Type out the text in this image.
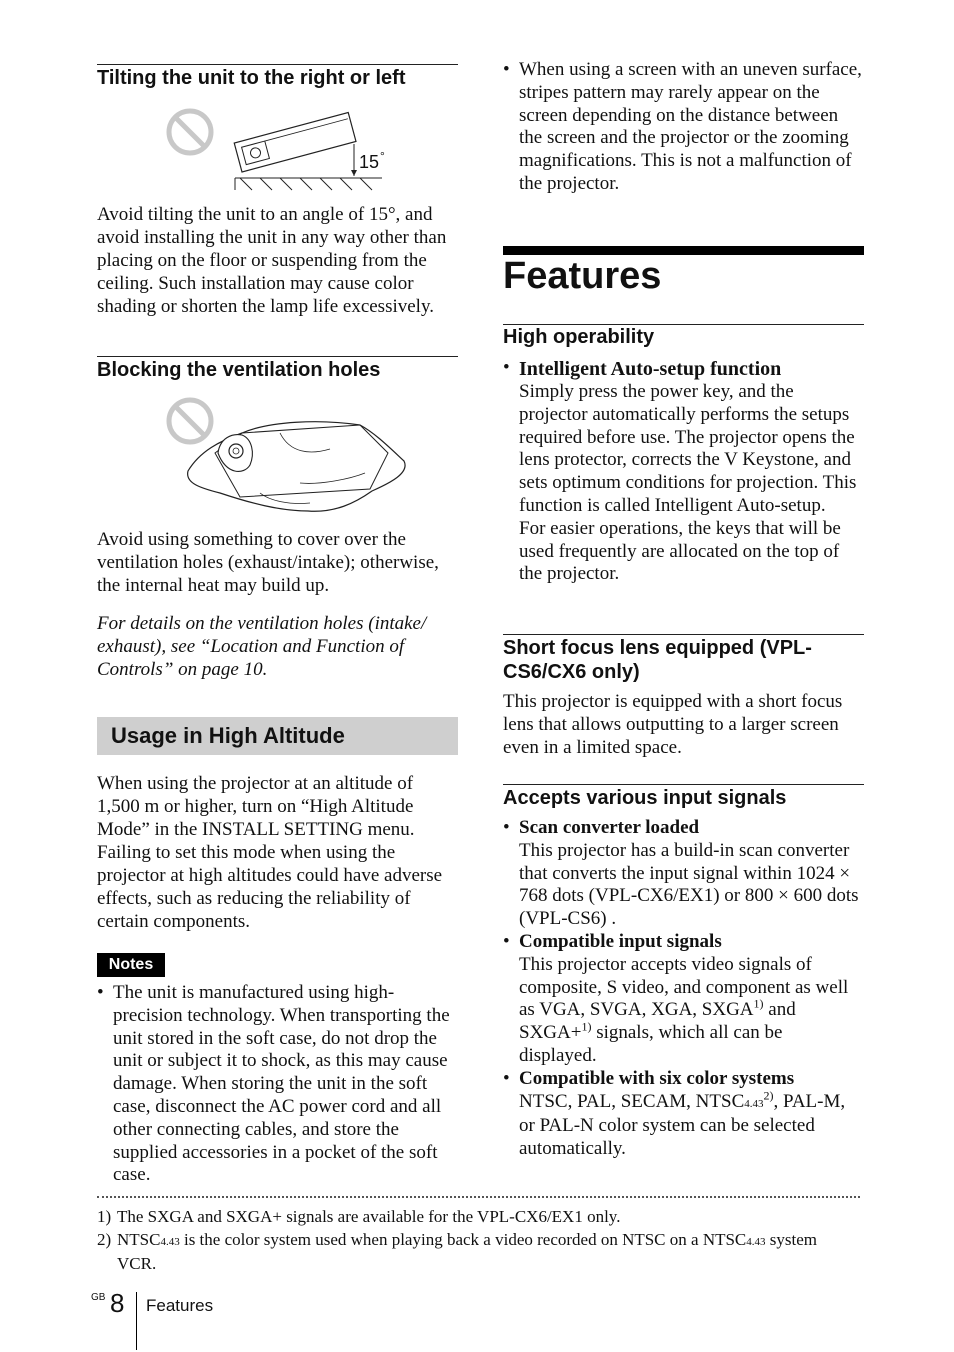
Tilting the unit to the right or left
15 °
Avoid tilting the unit to an angle of 15°, and avoid installing the unit in any way other than placing on the floor or suspending from the ceiling. Such installation may cause color shading or shorten the lamp life excessively.
Blocking the ventilation holes
Avoid using something to cover over the ventilation holes (exhaust/intake); otherwise, the internal heat may build up.
For details on the ventilation holes (intake/ exhaust), see “Location and Function of Controls” on page 10.
Usage in High Altitude
When using the projector at an altitude of 1,500 m or higher, turn on “High Altitude Mode” in the INSTALL SETTING menu. Failing to set this mode when using the projector at high altitudes could have adverse effects, such as reducing the reliability of certain components.
Notes
• The unit is manufactured using high-precision technology. When transporting the unit stored in the soft case, do not drop the unit or subject it to shock, as this may cause damage. When storing the unit in the soft case, disconnect the AC power cord and all other connecting cables, and store the supplied accessories in a pocket of the soft case.
• When using a screen with an uneven surface, stripes pattern may rarely appear on the screen depending on the distance between the screen and the projector or the zooming magnifications. This is not a malfunction of the projector.
Features
High operability
• Intelligent Auto-setup function
Simply press the power key, and the projector automatically performs the setups required before use. The projector opens the lens protector, corrects the V Keystone, and sets optimum conditions for projection. This function is called Intelligent Auto-setup.
For easier operations, the keys that will be used frequently are allocated on the top of the projector.
Short focus lens equipped (VPL-CS6/CX6 only)
This projector is equipped with a short focus lens that allows outputting to a larger screen even in a limited space.
Accepts various input signals
• Scan converter loaded
This projector has a build-in scan converter that converts the input signal within 1024 × 768 dots (VPL-CX6/EX1) or 800 × 600 dots (VPL-CS6) .
• Compatible input signals
This projector accepts video signals of composite, S video, and component as well as VGA, SVGA, XGA, SXGA$^{1)}$ and SXGA+$^{1)}$ signals, which all can be displayed.
• Compatible with six color systems
NTSC, PAL, SECAM, NTSC4.43$^{2)}$, PAL-M, or PAL-N color system can be selected automatically.

1) The SXGA and SXGA+ signals are available for the VPL-CX6/EX1 only.

2) NTSC4.43 is the color system used when playing back a video recorded on NTSC on a NTSC4.43 system VCR.

GB 8 Features
